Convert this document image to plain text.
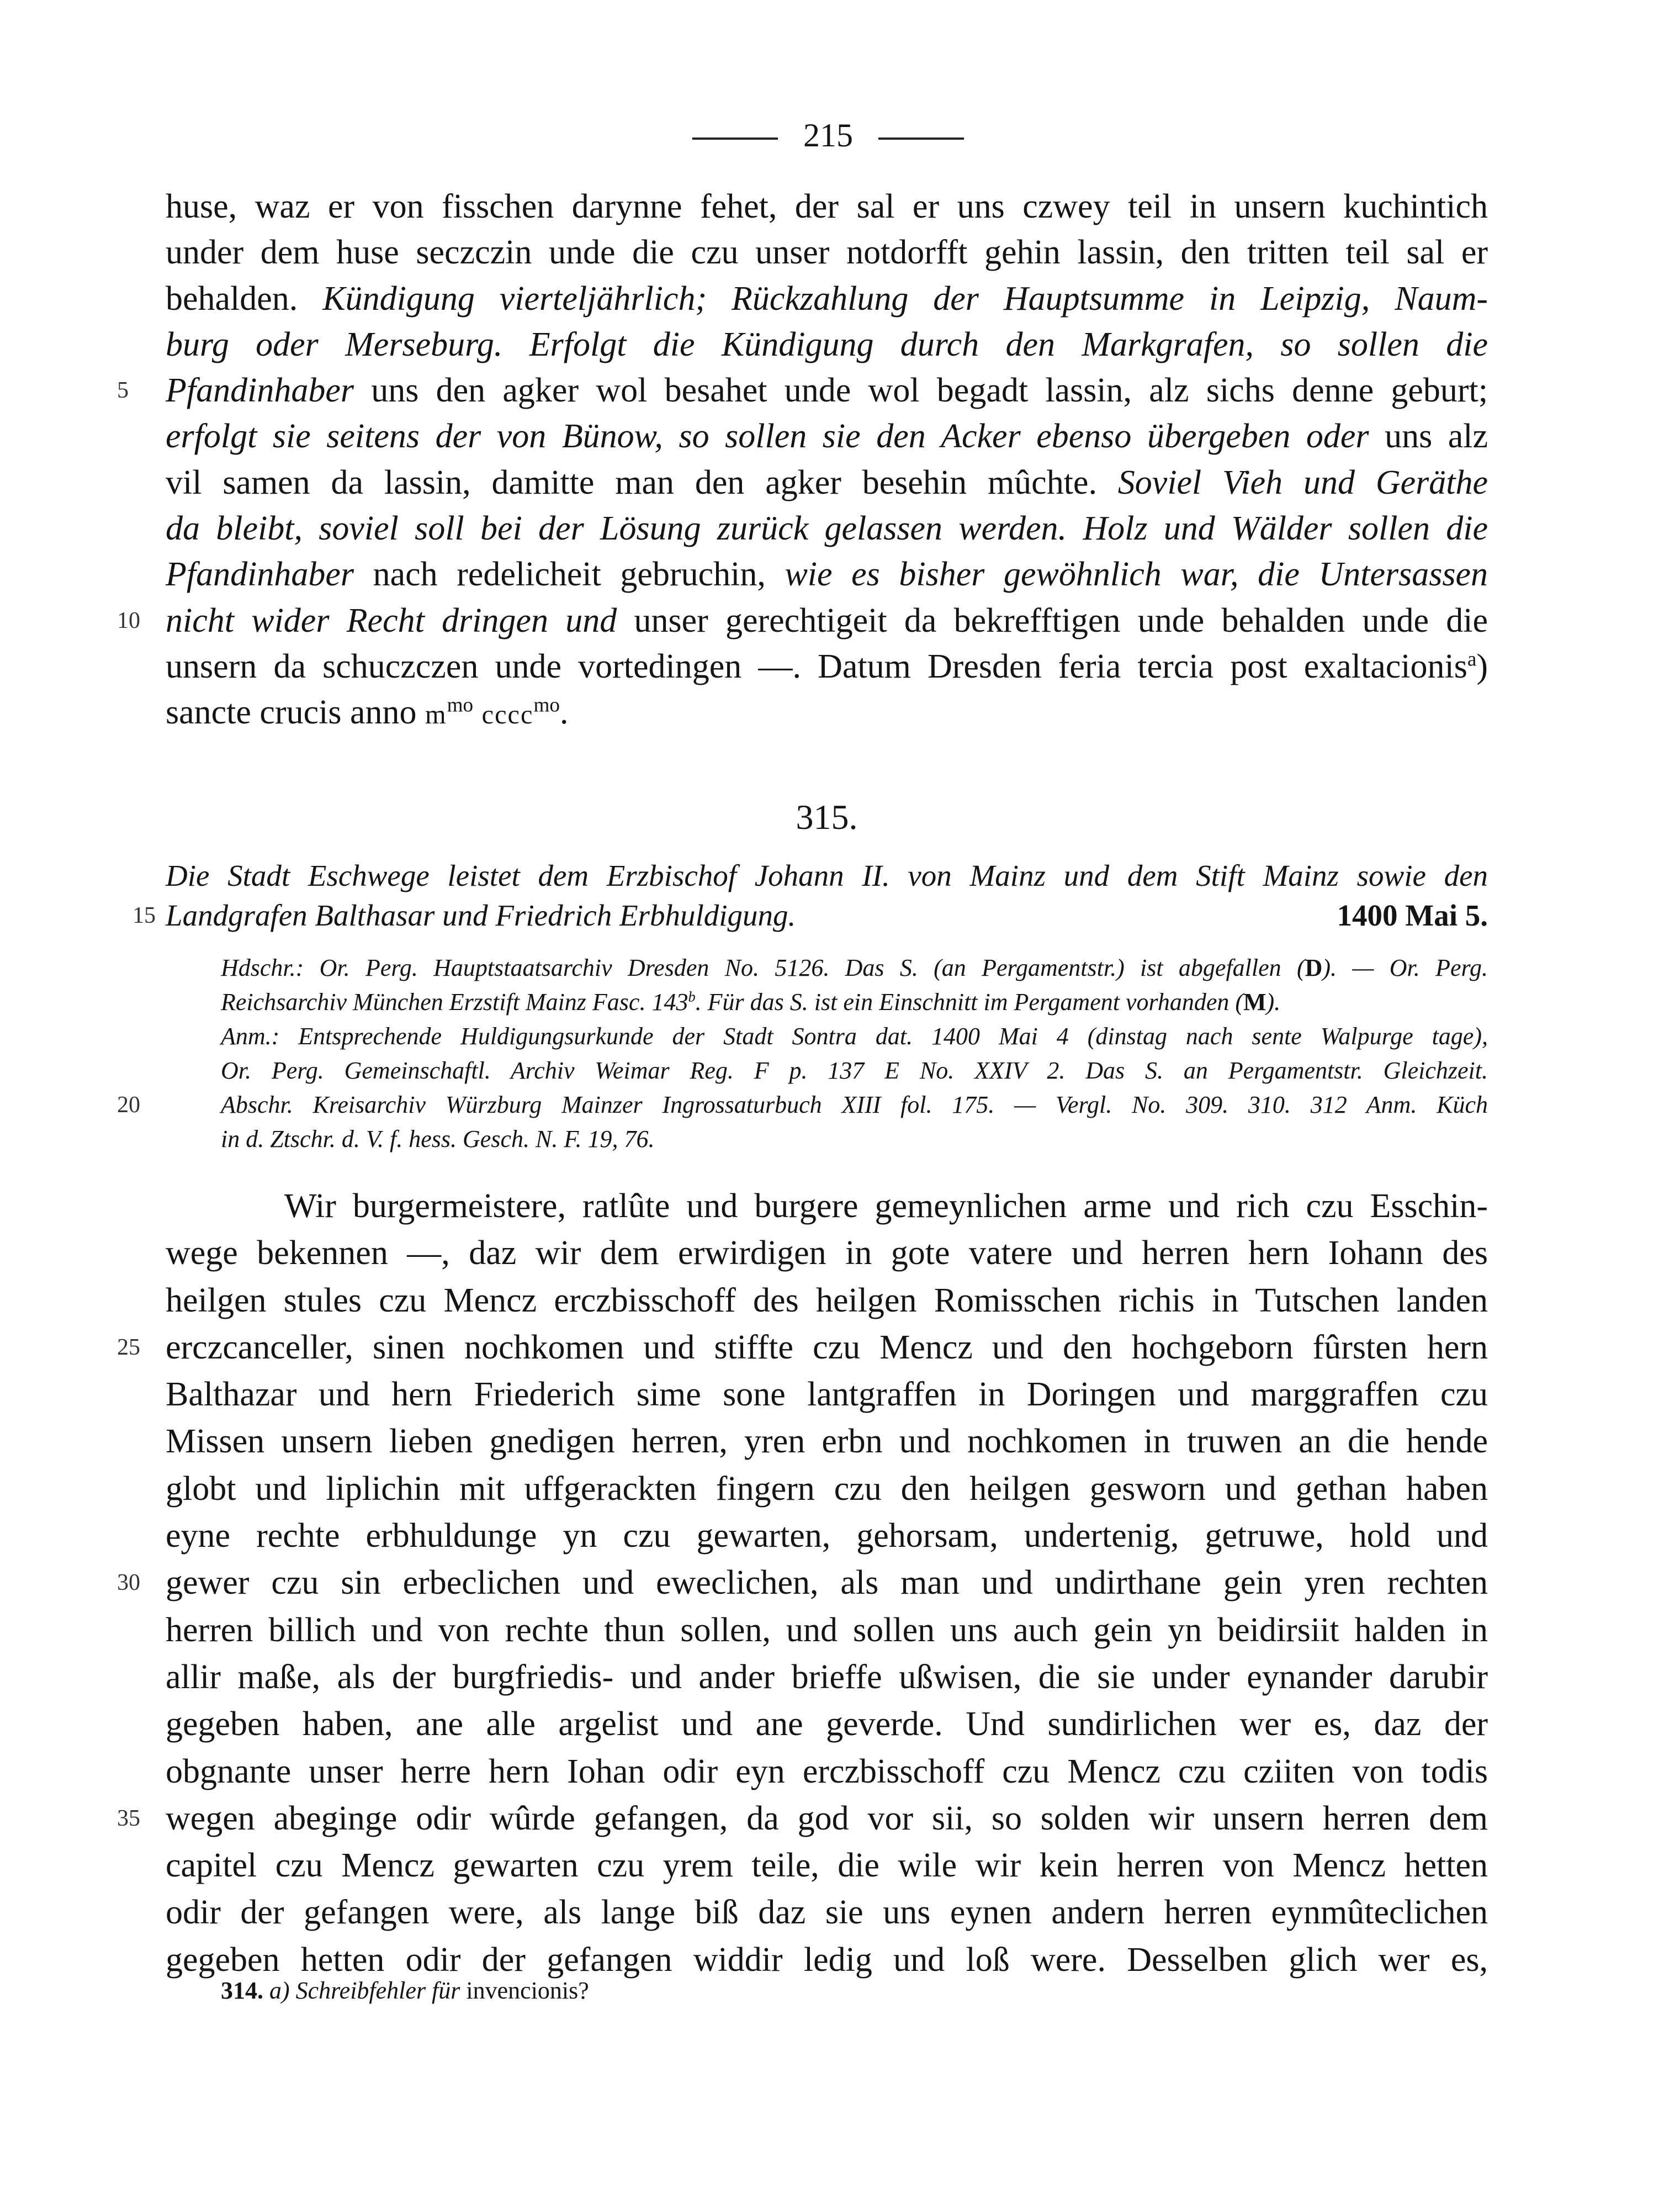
215
huse, waz er von fisschen darynne fehet, der sal er uns czwey teil in unsern kuchintich
under dem huse seczczin unde die czu unser notdorfft gehin lassin, den tritten teil sal er
behalden. Kündigung vierteljährlich; Rückzahlung der Hauptsumme in Leipzig, Naum-
burg oder Merseburg. Erfolgt die Kündigung durch den Markgrafen, so sollen die
5	Pfandinhaber uns den agker wol besahet unde wol begadt lassin, alz sichs denne geburt;
erfolgt sie seitens der von Bünow, so sollen sie den Acker ebenso übergeben oder uns alz
vil samen da lassin, damitte man den agker besehin mûchte. Soviel Vieh und Geräthe
da bleibt, soviel soll bei der Lösung zurück gelassen werden. Holz und Wälder sollen die
Pfandinhaber nach redelicheit gebruchin, wie es bisher gewöhnlich war, die Untersassen
10 nicht wider Recht dringen und unser gerechtigeit da bekrefftigen unde behalden unde die
unsern da schuczczen unde vortedingen —. Datum Dresden feria tercia post exaltacionis$^a$)
sancte crucis anno $m^{mo}$ cccc$^{mo}$.
315.
Die Stadt Eschwege leistet dem Erzbischof Johann II. von Mainz und dem Stift Mainz sowie den
15 Landgrafen Balthasar und Friedrich Erbhuldigung.	1400 Mai 5.
Hdschr.: Or. Perg. Hauptstaatsarchiv Dresden No. 5126. Das S. (an Pergamentstr.) ist abgefallen (D). — Or. Perg.
Reichsarchiv München Erzstift Mainz Fasc. 143$^b$. Für das S. ist ein Einschnitt im Pergament vorhanden (M).
Anm.: Entsprechende Huldigungsurkunde der Stadt Sontra dat. 1400 Mai 4 (dinstag nach sente Walpurge tage),
Or. Perg. Gemeinschaftl. Archiv Weimar Reg. F p. 137 E No. XXIV 2. Das S. an Pergamentstr. Gleichzeit.
20	Abschr. Kreisarchiv Würzburg Mainzer Ingrossaturbuch XIII fol. 175. — Vergl. No. 309. 310. 312 Anm. Küch
in d. Ztschr. d. V. f. hess. Gesch. N. F. 19, 76.
Wir burgermeistere, ratlûte und burgere gemeynlichen arme und rich czu Esschin-
wege bekennen —, daz wir dem erwirdigen in gote vatere und herren hern Iohann des
heilgen stules czu Mencz erczbisschoff des heilgen Romisschen richis in Tutschen landen
25 erczcanceller, sinen nochkomen und stiffte czu Mencz und den hochgeborn fûrsten hern
Balthazar und hern Friederich sime sone lantgraffen in Doringen und marggraffen czu
Missen unsern lieben gnedigen herren, yren erbn und nochkomen in truwen an die hende
globt und liplichin mit uffgerackten fingern czu den heilgen gesworn und gethan haben
eyne rechte erbhuldunge yn czu gewarten, gehorsam, undertenig, getruwe, hold und
30 gewer czu sin erbeclichen und eweclichen, als man und undirthane gein yren rechten
herren billich und von rechte thun sollen, und sollen uns auch gein yn beidirsiit halden in
allir maße, als der burgfriedis- und ander brieffe ußwisen, die sie under eynander darubir
gegeben haben, ane alle argelist und ane geverde. Und sundirlichen wer es, daz der
obgnante unser herre hern Iohan odir eyn erczbisschoff czu Mencz czu cziiten von todis
35 wegen abeginge odir wûrde gefangen, da god vor sii, so solden wir unsern herren dem
capitel czu Mencz gewarten czu yrem teile, die wile wir kein herren von Mencz hetten
odir der gefangen were, als lange biß daz sie uns eynen andern herren eynmûteclichen
gegeben hetten odir der gefangen widdir ledig und loß were. Desselben glich wer es,
314. a) Schreibfehler für invencionis?
